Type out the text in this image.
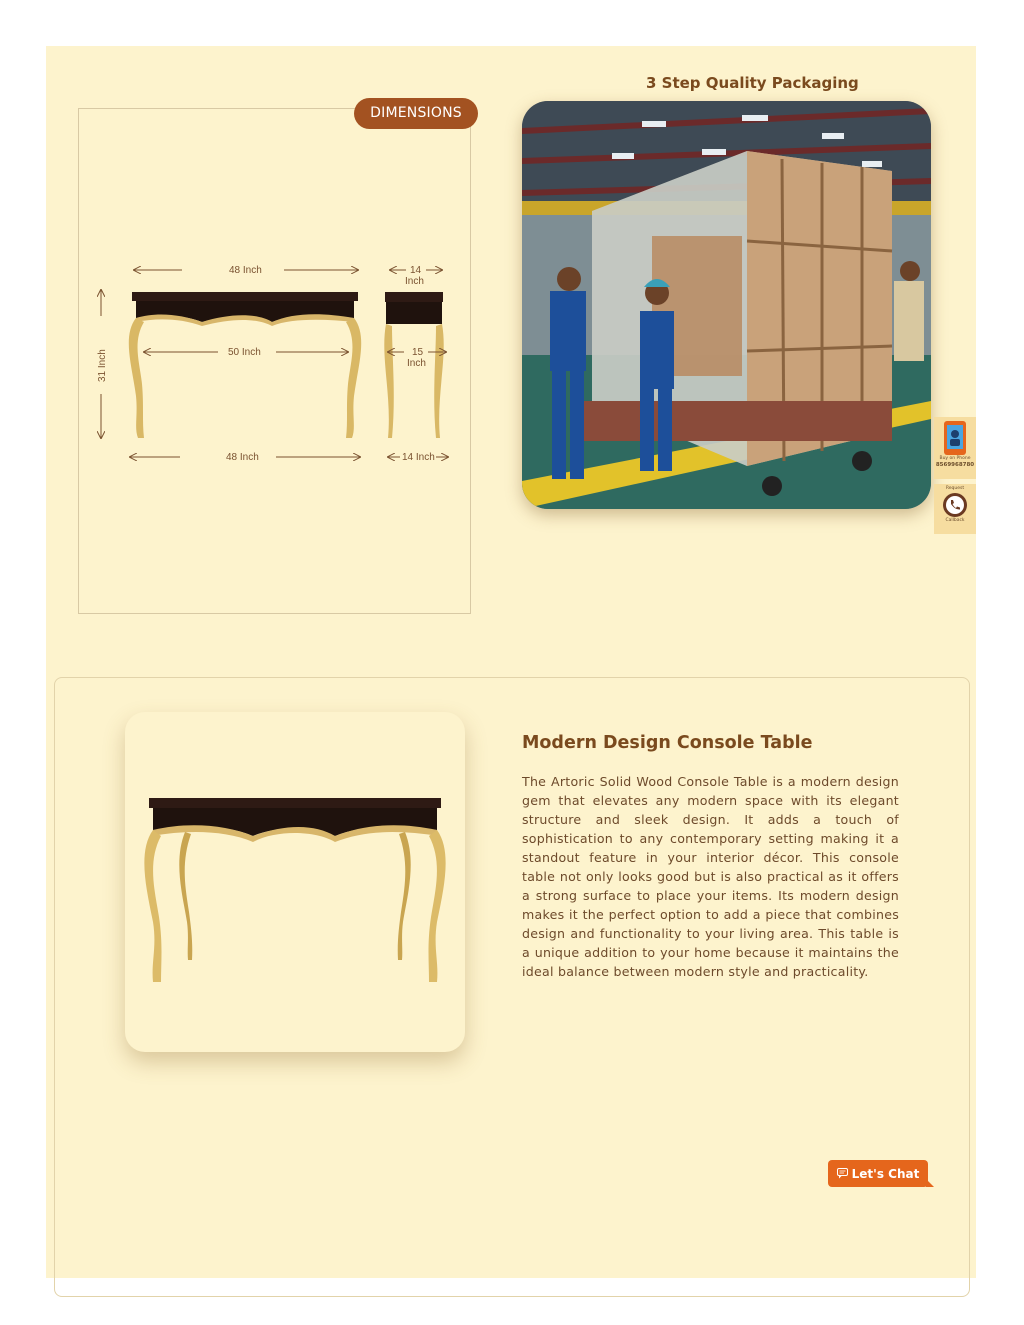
DIMENSIONS
48 Inch	14
Inch
31 Inch	50 Inch	15
Inch
48 Inch	14 Inch
3 Step Quality Packaging
Buy on Phone
8569968780
Request
Callback
Modern Design Console Table
The Artoric Solid Wood Console Table is a modern design gem that elevates any modern space with its elegant structure and sleek design. It adds a touch of sophistication to any contemporary setting making it a standout feature in your interior décor. This console table not only looks good but is also practical as it offers a strong surface to place your items. Its modern design makes it the perfect option to add a piece that combines design and functionality to your living area. This table is a unique addition to your home because it maintains the ideal balance between modern style and practicality.
Let's Chat
